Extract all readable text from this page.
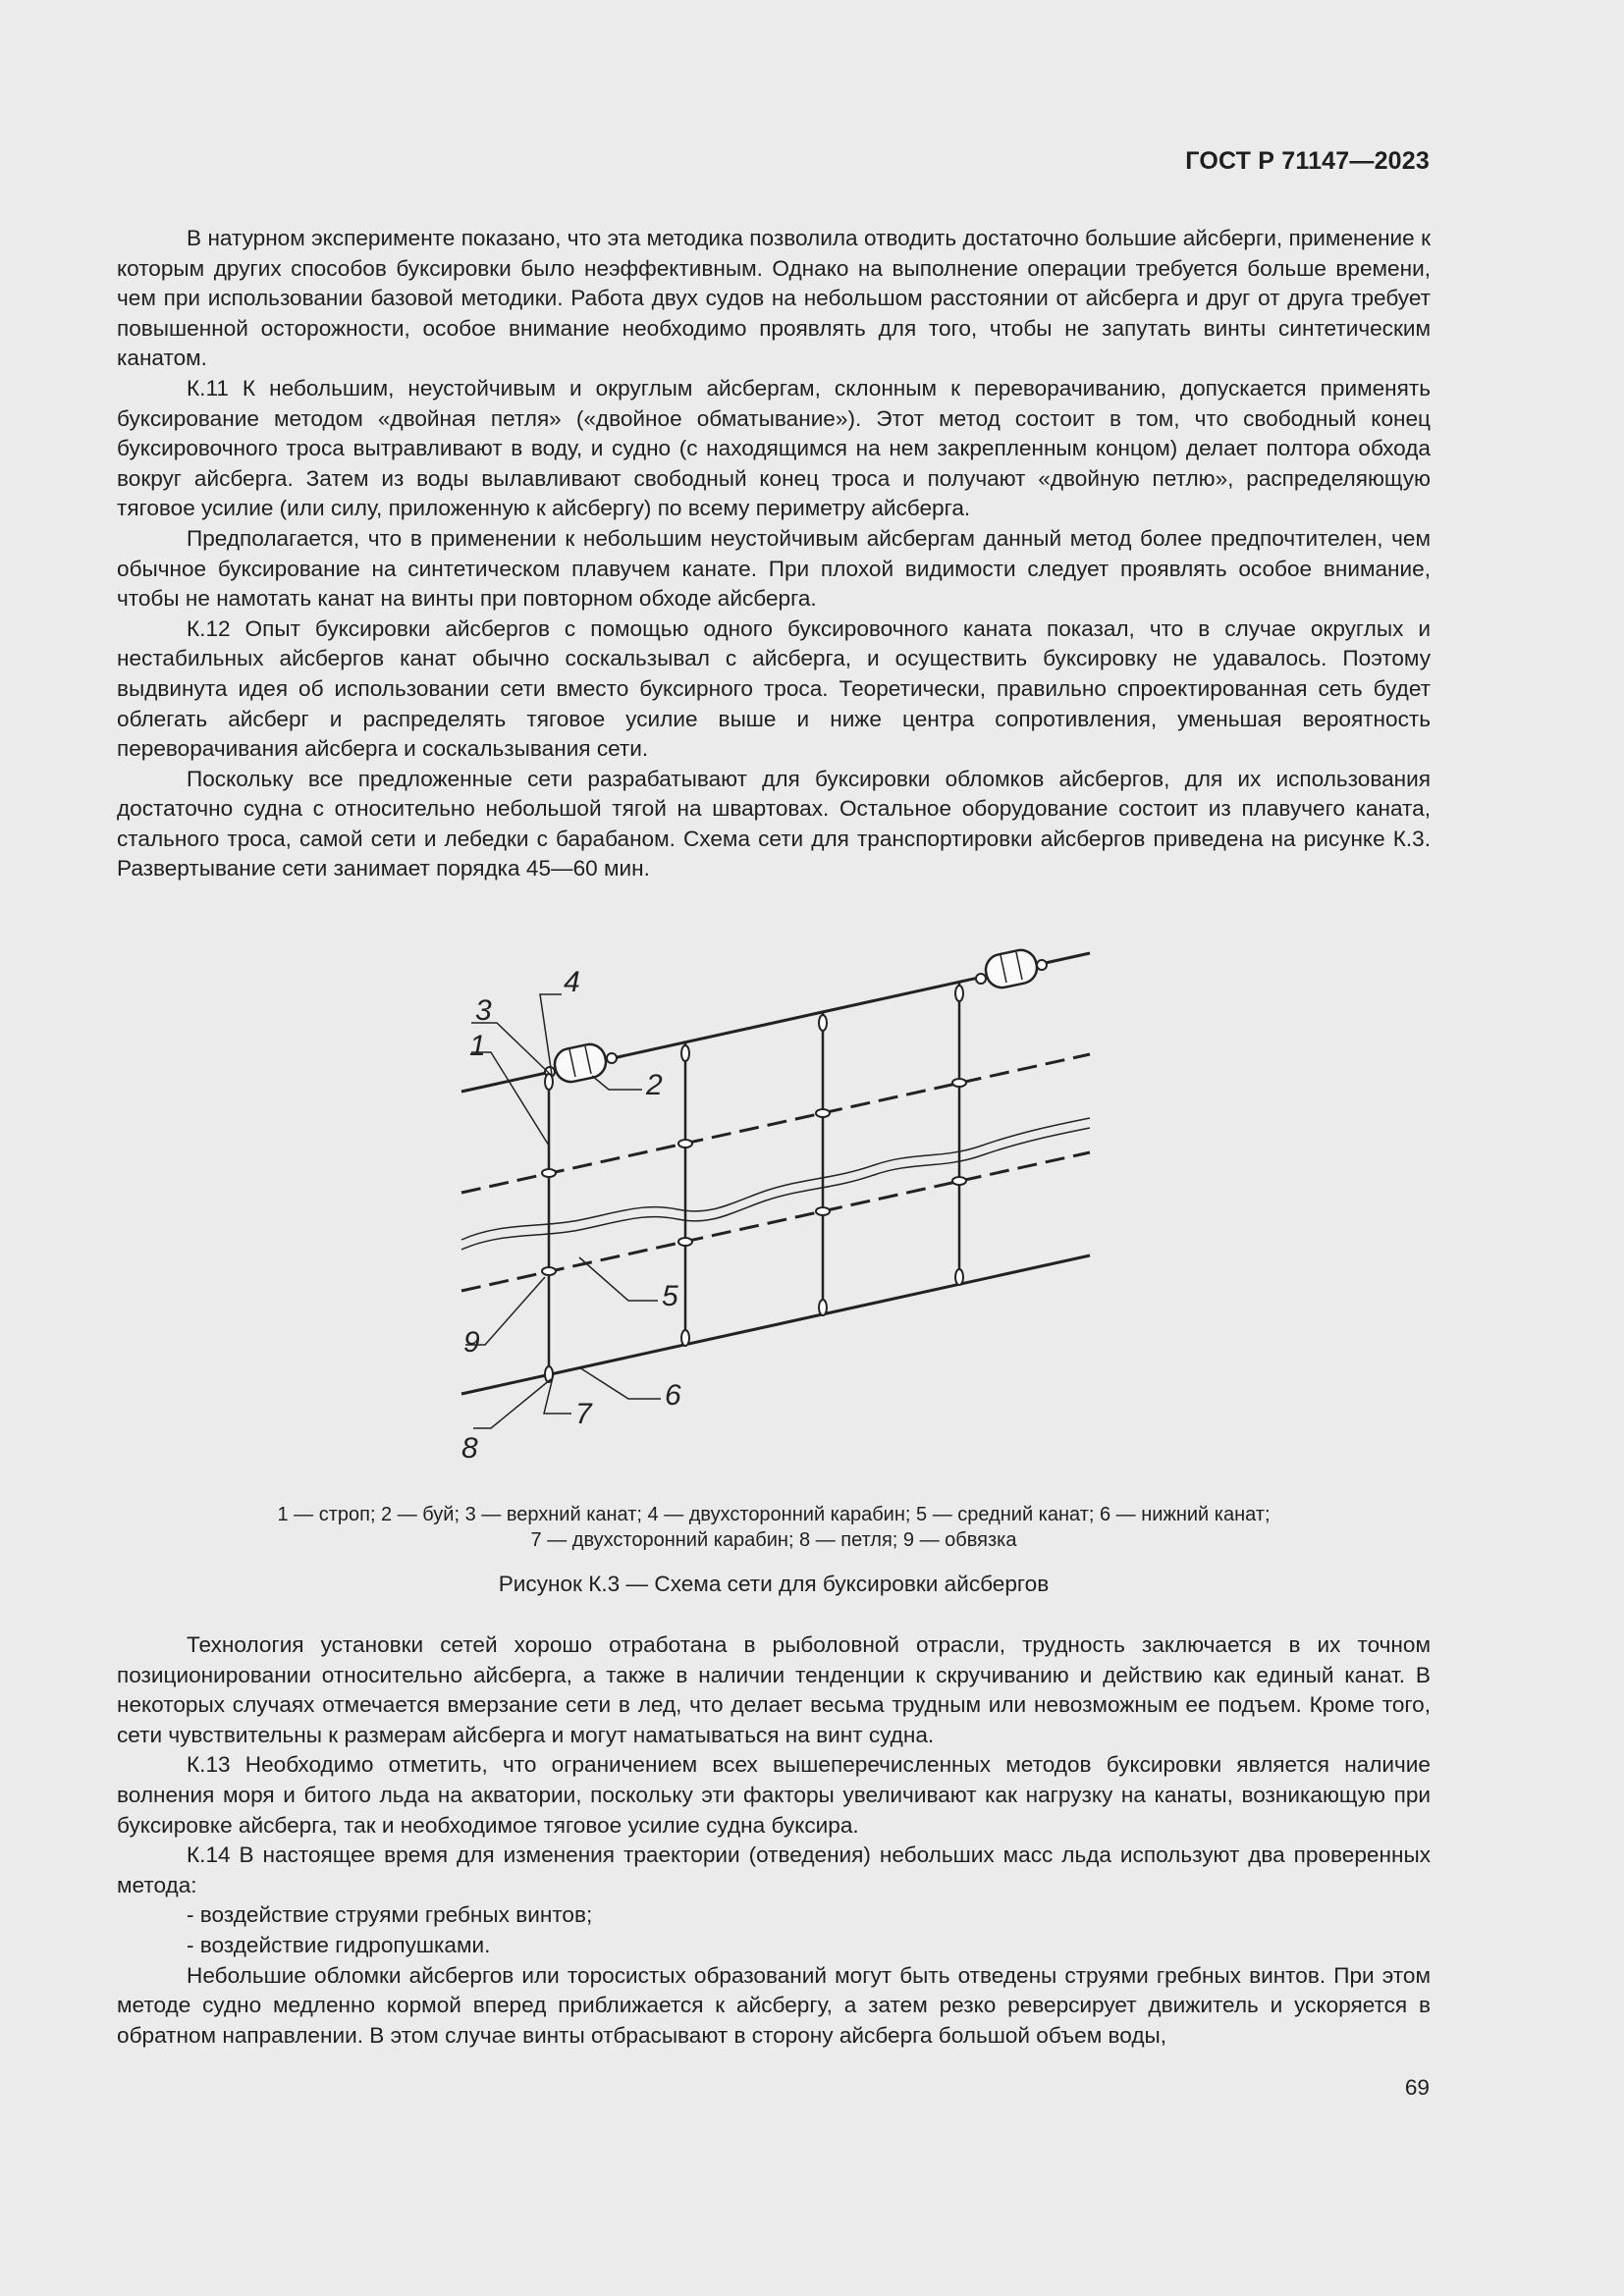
ГОСТ Р 71147—2023

В натурном эксперименте показано, что эта методика позволила отводить достаточно большие айсберги, применение к которым других способов буксировки было неэффективным. Однако на выполнение операции требуется больше времени, чем при использовании базовой методики. Работа двух судов на небольшом расстоянии от айсберга и друг от друга требует повышенной осторожности, особое внимание необходимо проявлять для того, чтобы не запутать винты синтетическим канатом.

К.11 К небольшим, неустойчивым и округлым айсбергам, склонным к переворачиванию, допускается применять буксирование методом «двойная петля» («двойное обматывание»). Этот метод состоит в том, что свободный конец буксировочного троса вытравливают в воду, и судно (с находящимся на нем закрепленным концом) делает полтора обхода вокруг айсберга. Затем из воды вылавливают свободный конец троса и получают «двойную петлю», распределяющую тяговое усилие (или силу, приложенную к айсбергу) по всему периметру айсберга.

Предполагается, что в применении к небольшим неустойчивым айсбергам данный метод более предпочтителен, чем обычное буксирование на синтетическом плавучем канате. При плохой видимости следует проявлять особое внимание, чтобы не намотать канат на винты при повторном обходе айсберга.

К.12 Опыт буксировки айсбергов с помощью одного буксировочного каната показал, что в случае округлых и нестабильных айсбергов канат обычно соскальзывал с айсберга, и осуществить буксировку не удавалось. Поэтому выдвинута идея об использовании сети вместо буксирного троса. Теоретически, правильно спроектированная сеть будет облегать айсберг и распределять тяговое усилие выше и ниже центра сопротивления, уменьшая вероятность переворачивания айсберга и соскальзывания сети.

Поскольку все предложенные сети разрабатывают для буксировки обломков айсбергов, для их использования достаточно судна с относительно небольшой тягой на швартовах. Остальное оборудование состоит из плавучего каната, стального троса, самой сети и лебедки с барабаном. Схема сети для транспортировки айсбергов приведена на рисунке К.3. Развертывание сети занимает порядка 45—60 мин.

1
2
3
4
5
6
7
8
9
1 — строп; 2 — буй; 3 — верхний канат; 4 — двухсторонний карабин; 5 — средний канат; 6 — нижний канат;
7 — двухсторонний карабин; 8 — петля; 9 — обвязка
Рисунок К.3 — Схема сети для буксировки айсбергов

Технология установки сетей хорошо отработана в рыболовной отрасли, трудность заключается в их точном позиционировании относительно айсберга, а также в наличии тенденции к скручиванию и действию как единый канат. В некоторых случаях отмечается вмерзание сети в лед, что делает весьма трудным или невозможным ее подъем. Кроме того, сети чувствительны к размерам айсберга и могут наматываться на винт судна.

К.13 Необходимо отметить, что ограничением всех вышеперечисленных методов буксировки является наличие волнения моря и битого льда на акватории, поскольку эти факторы увеличивают как нагрузку на канаты, возникающую при буксировке айсберга, так и необходимое тяговое усилие судна буксира.

К.14 В настоящее время для изменения траектории (отведения) небольших масс льда используют два проверенных метода:

- воздействие струями гребных винтов;

- воздействие гидропушками.

Небольшие обломки айсбергов или торосистых образований могут быть отведены струями гребных винтов. При этом методе судно медленно кормой вперед приближается к айсбергу, а затем резко реверсирует движитель и ускоряется в обратном направлении. В этом случае винты отбрасывают в сторону айсберга большой объем воды,

69
